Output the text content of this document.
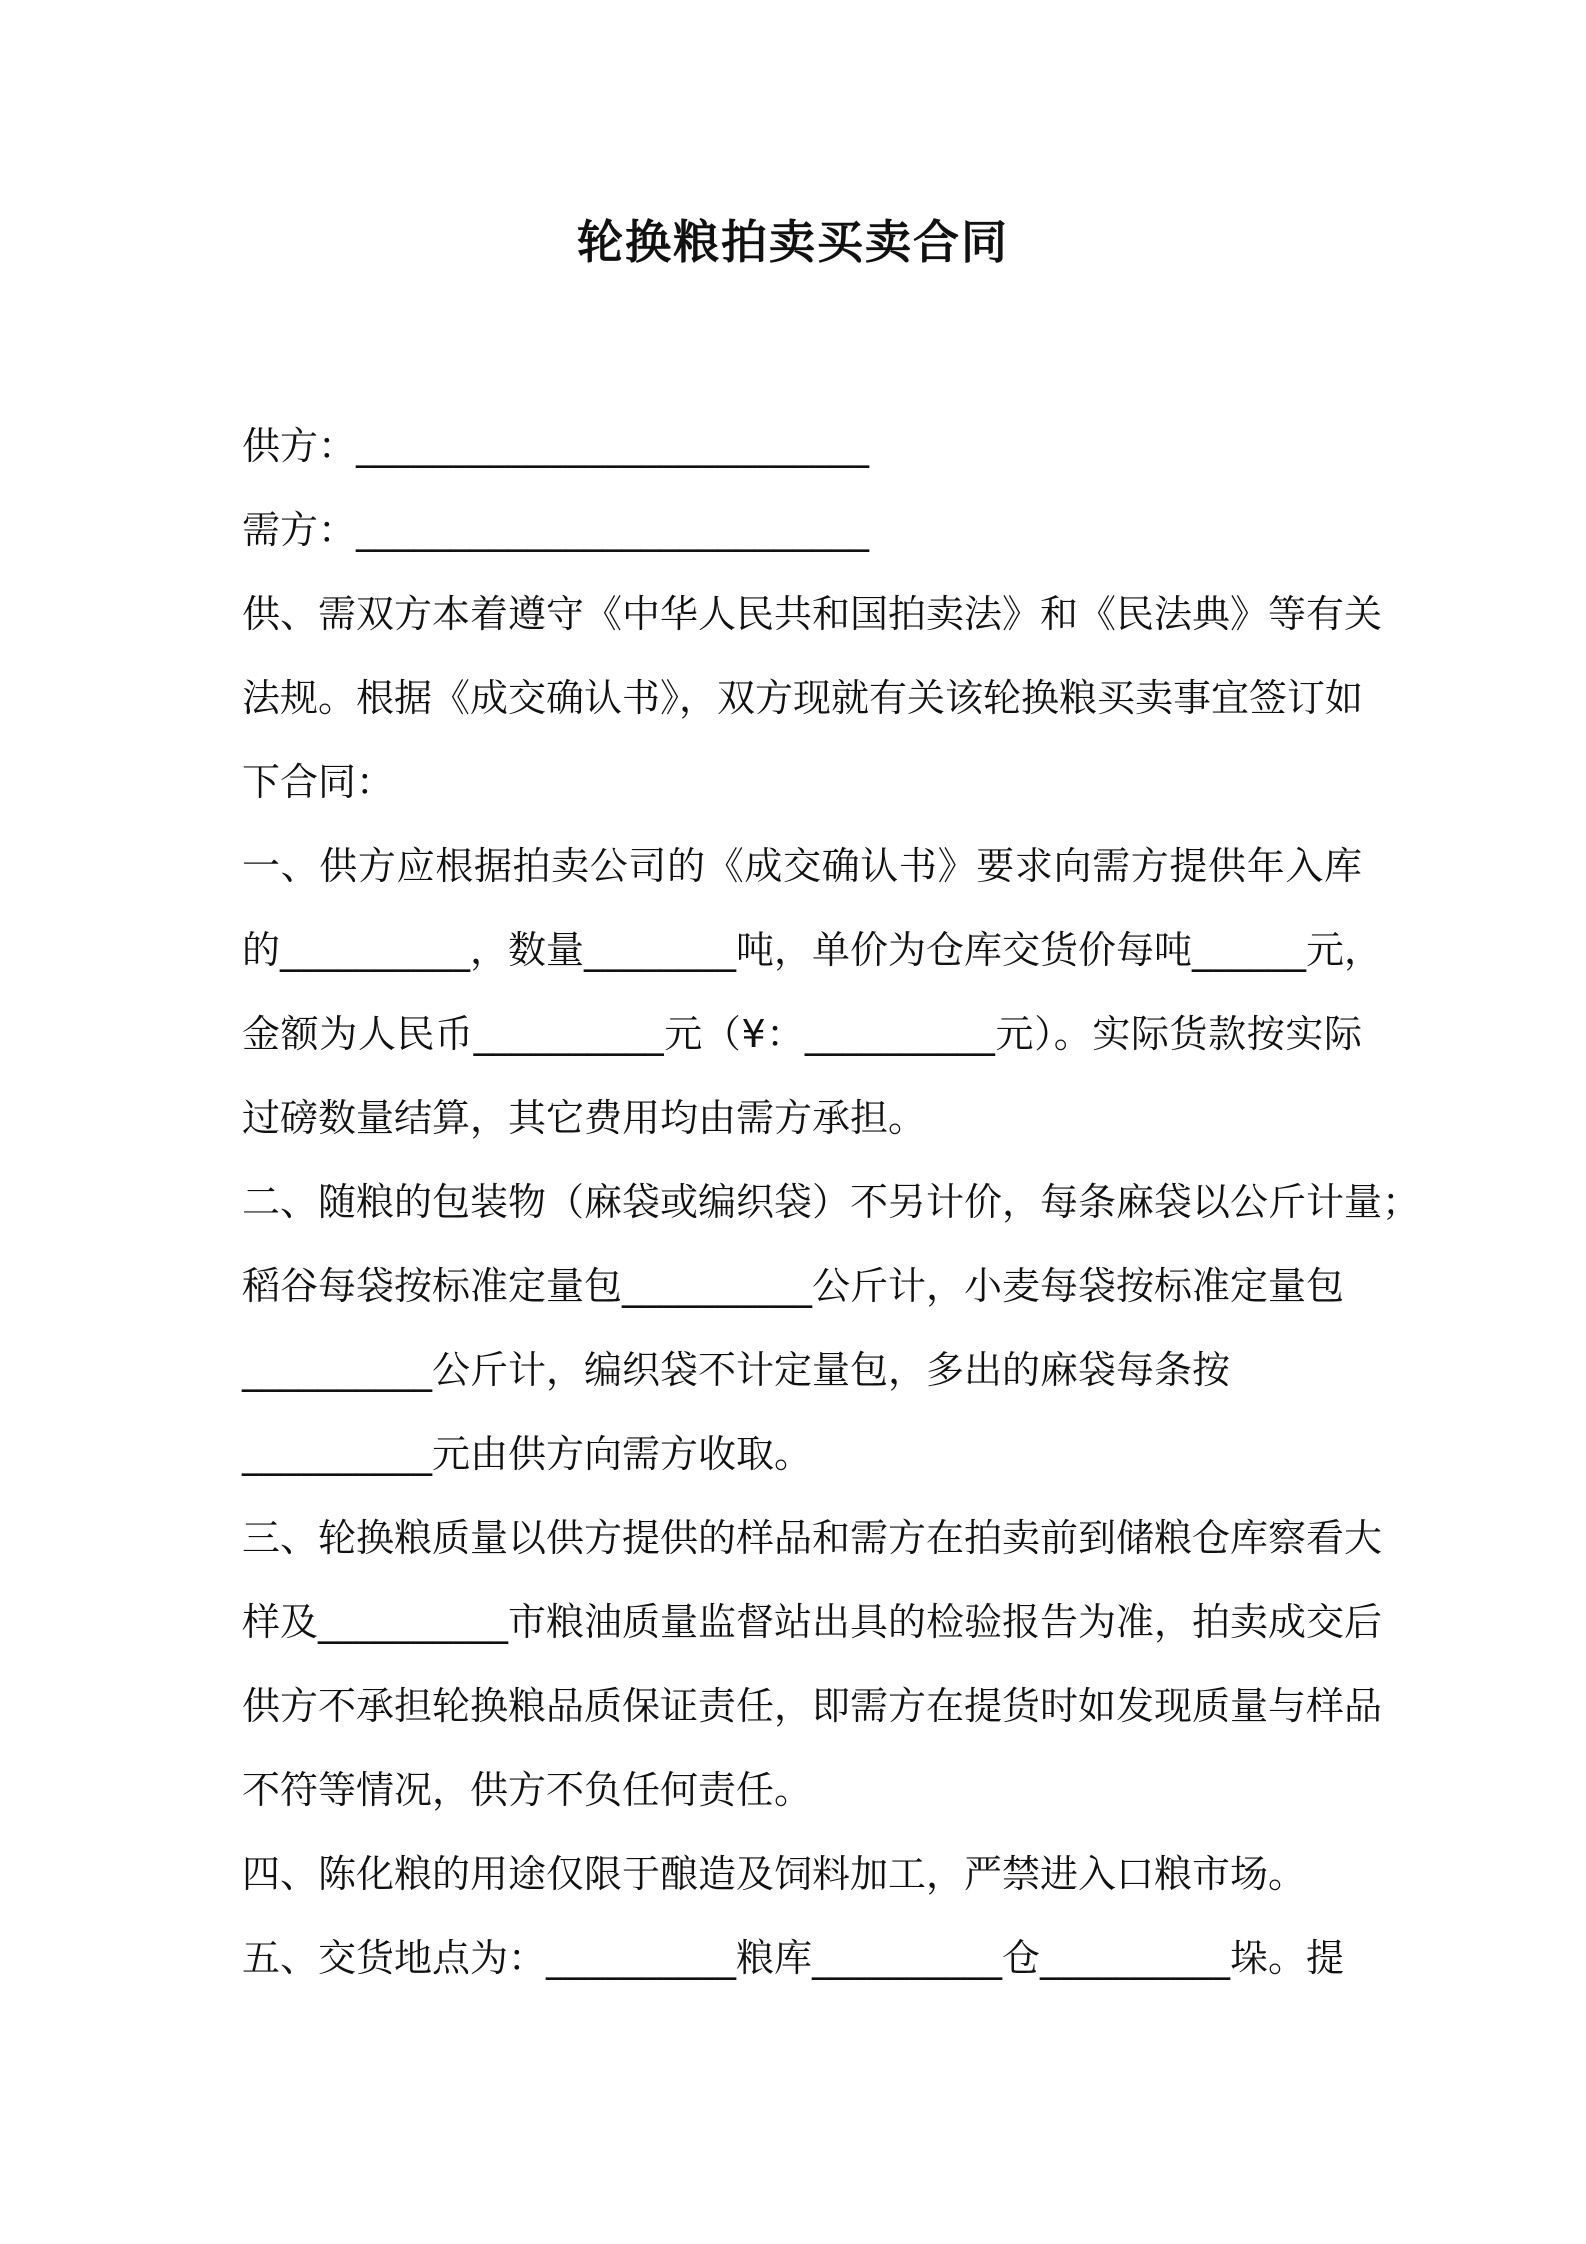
轮换粮拍卖买卖合同
供方：___________________________
需方：___________________________
供、需双方本着遵守《中华人民共和国拍卖法》和《民法典》等有关
法规。根据《成交确认书》，双方现就有关该轮换粮买卖事宜签订如
下合同：
一、供方应根据拍卖公司的《成交确认书》要求向需方提供年入库
的__________，数量________吨，单价为仓库交货价每吨______元，
金额为人民币__________元（¥：__________元）。实际货款按实际
过磅数量结算，其它费用均由需方承担。
二、随粮的包装物（麻袋或编织袋）不另计价，每条麻袋以公斤计量；
稻谷每袋按标准定量包__________公斤计，小麦每袋按标准定量包
__________公斤计，编织袋不计定量包，多出的麻袋每条按
__________元由供方向需方收取。
三、轮换粮质量以供方提供的样品和需方在拍卖前到储粮仓库察看大
样及__________市粮油质量监督站出具的检验报告为准，拍卖成交后
供方不承担轮换粮品质保证责任，即需方在提货时如发现质量与样品
不符等情况，供方不负任何责任。
四、陈化粮的用途仅限于酿造及饲料加工，严禁进入口粮市场。
五、交货地点为：__________粮库__________仓__________垛。提
